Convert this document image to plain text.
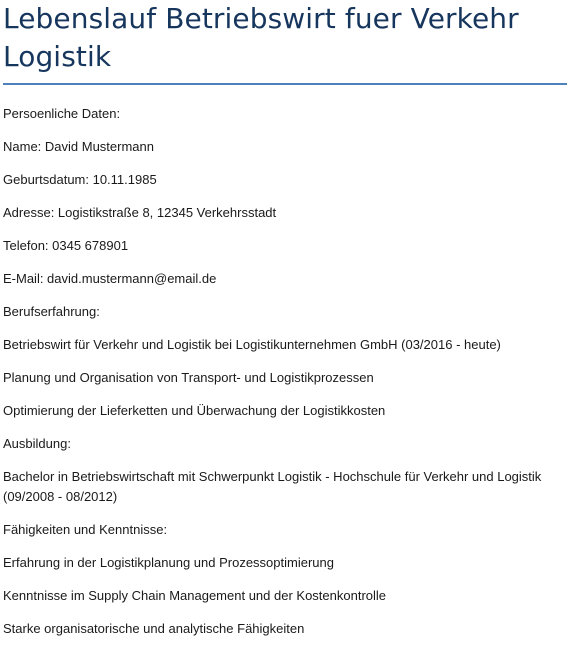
Lebenslauf Betriebswirt fuer Verkehr Logistik

Persoenliche Daten:

Name: David Mustermann

Geburtsdatum: 10.11.1985

Adresse: Logistikstraße 8, 12345 Verkehrsstadt

Telefon: 0345 678901

E-Mail: david.mustermann@email.de

Berufserfahrung:

Betriebswirt für Verkehr und Logistik bei Logistikunternehmen GmbH (03/2016 - heute)

Planung und Organisation von Transport- und Logistikprozessen

Optimierung der Lieferketten und Überwachung der Logistikkosten

Ausbildung:

Bachelor in Betriebswirtschaft mit Schwerpunkt Logistik - Hochschule für Verkehr und Logistik (09/2008 - 08/2012)

Fähigkeiten und Kenntnisse:

Erfahrung in der Logistikplanung und Prozessoptimierung

Kenntnisse im Supply Chain Management und der Kostenkontrolle

Starke organisatorische und analytische Fähigkeiten
